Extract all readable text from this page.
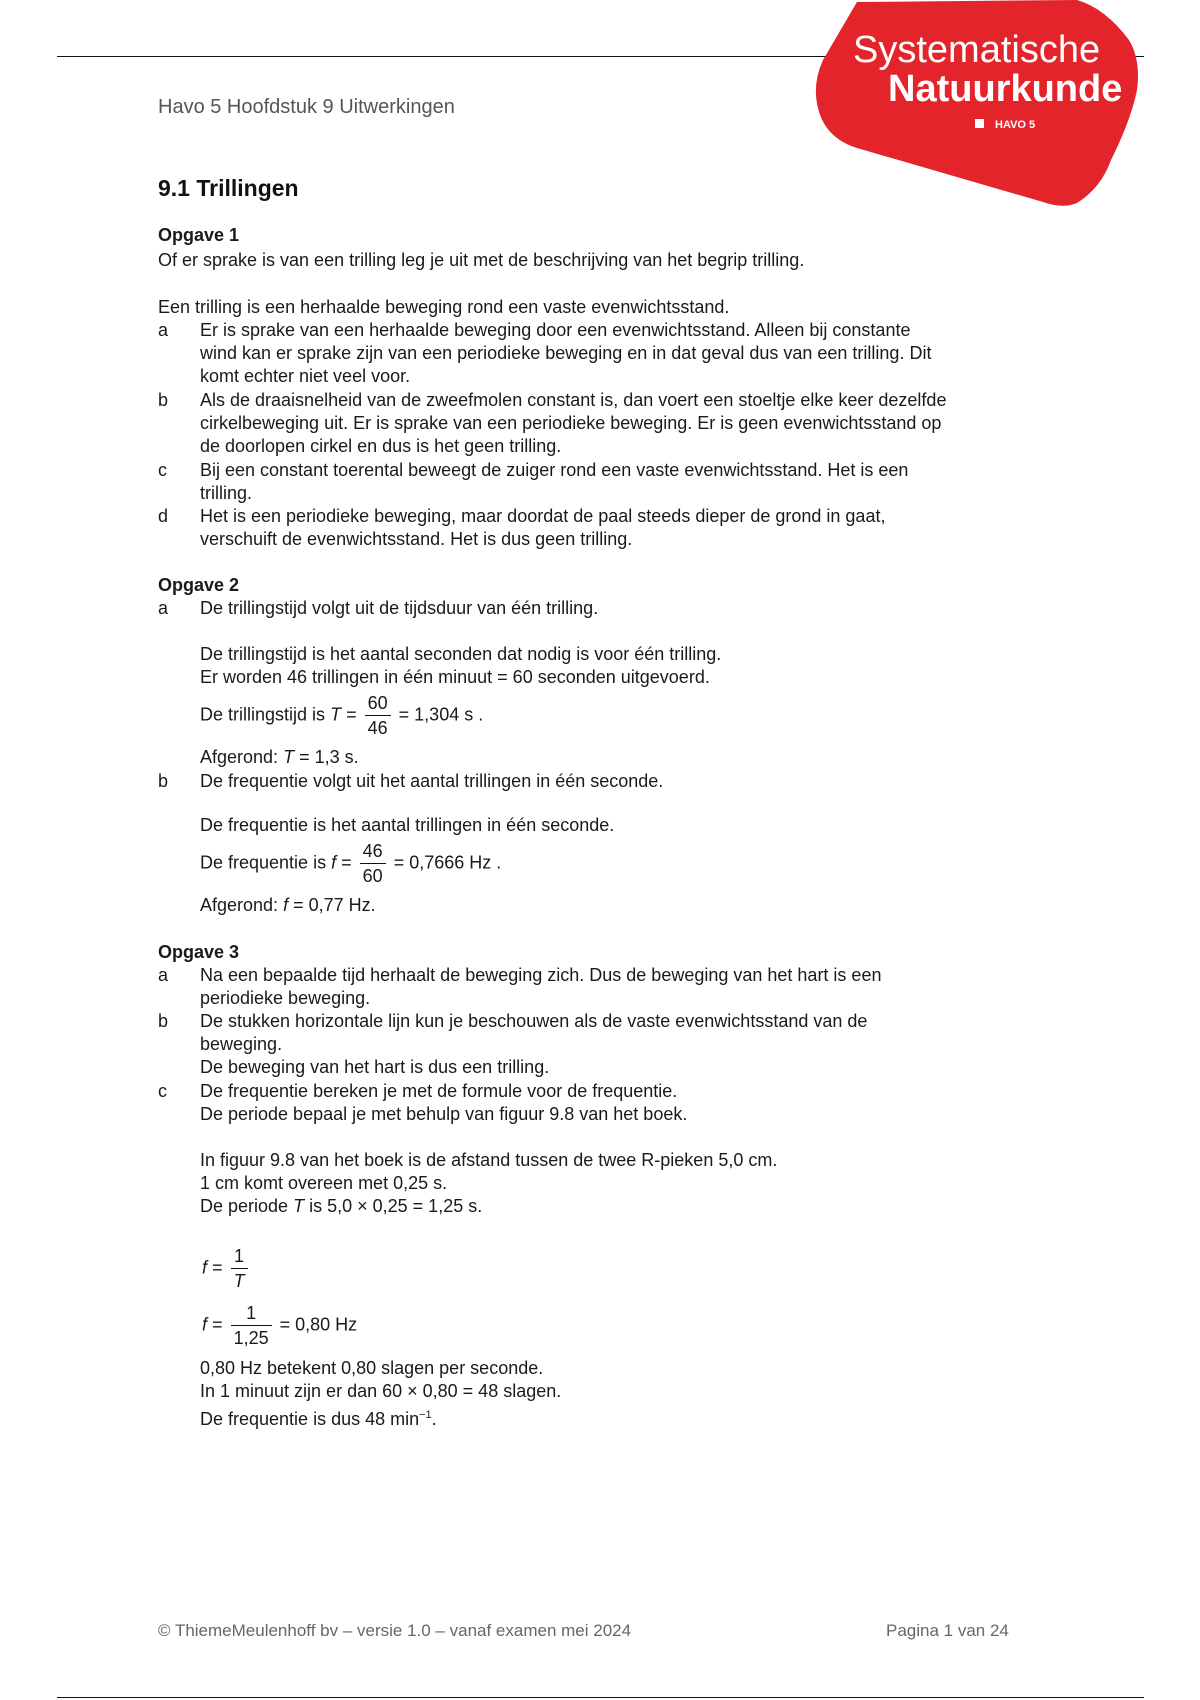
Systematische
Natuurkunde
HAVO 5
Havo 5 Hoofdstuk 9 Uitwerkingen
9.1 Trillingen
Opgave 1
Of er sprake is van een trilling leg je uit met de beschrijving van het begrip trilling.
Een trilling is een herhaalde beweging rond een vaste evenwichtsstand.
a Er is sprake van een herhaalde beweging door een evenwichtsstand. Alleen bij constante
wind kan er sprake zijn van een periodieke beweging en in dat geval dus van een trilling. Dit
komt echter niet veel voor.
b Als de draaisnelheid van de zweefmolen constant is, dan voert een stoeltje elke keer dezelfde
cirkelbeweging uit. Er is sprake van een periodieke beweging. Er is geen evenwichtsstand op
de doorlopen cirkel en dus is het geen trilling.
c Bij een constant toerental beweegt de zuiger rond een vaste evenwichtsstand. Het is een
trilling.
d Het is een periodieke beweging, maar doordat de paal steeds dieper de grond in gaat,
verschuift de evenwichtsstand. Het is dus geen trilling.
Opgave 2
a De trillingstijd volgt uit de tijdsduur van één trilling.
De trillingstijd is het aantal seconden dat nodig is voor één trilling.
Er worden 46 trillingen in één minuut = 60 seconden uitgevoerd.
De trillingstijd is $T = \frac{60}{46} = 1,304$ s .
Afgerond: T = 1,3 s.
b De frequentie volgt uit het aantal trillingen in één seconde.
De frequentie is het aantal trillingen in één seconde.
De frequentie is $f = \frac{46}{60} = 0,7666$ Hz .
Afgerond: f = 0,77 Hz.
Opgave 3
a Na een bepaalde tijd herhaalt de beweging zich. Dus de beweging van het hart is een
periodieke beweging.
b De stukken horizontale lijn kun je beschouwen als de vaste evenwichtsstand van de
beweging.
De beweging van het hart is dus een trilling.
c De frequentie bereken je met de formule voor de frequentie.
De periode bepaal je met behulp van figuur 9.8 van het boek.
In figuur 9.8 van het boek is de afstand tussen de twee R-pieken 5,0 cm.
1 cm komt overeen met 0,25 s.
De periode T is 5,0 × 0,25 = 1,25 s.
$f = \frac{1}{T}$
$f = \frac{1}{1,25} = 0,80$ Hz
0,80 Hz betekent 0,80 slagen per seconde.
In 1 minuut zijn er dan 60 × 0,80 = 48 slagen.
De frequentie is dus 48 $\min^{-1}$.
© ThiemeMeulenhoff bv – versie 1.0 – vanaf examen mei 2024	Pagina 1 van 24
